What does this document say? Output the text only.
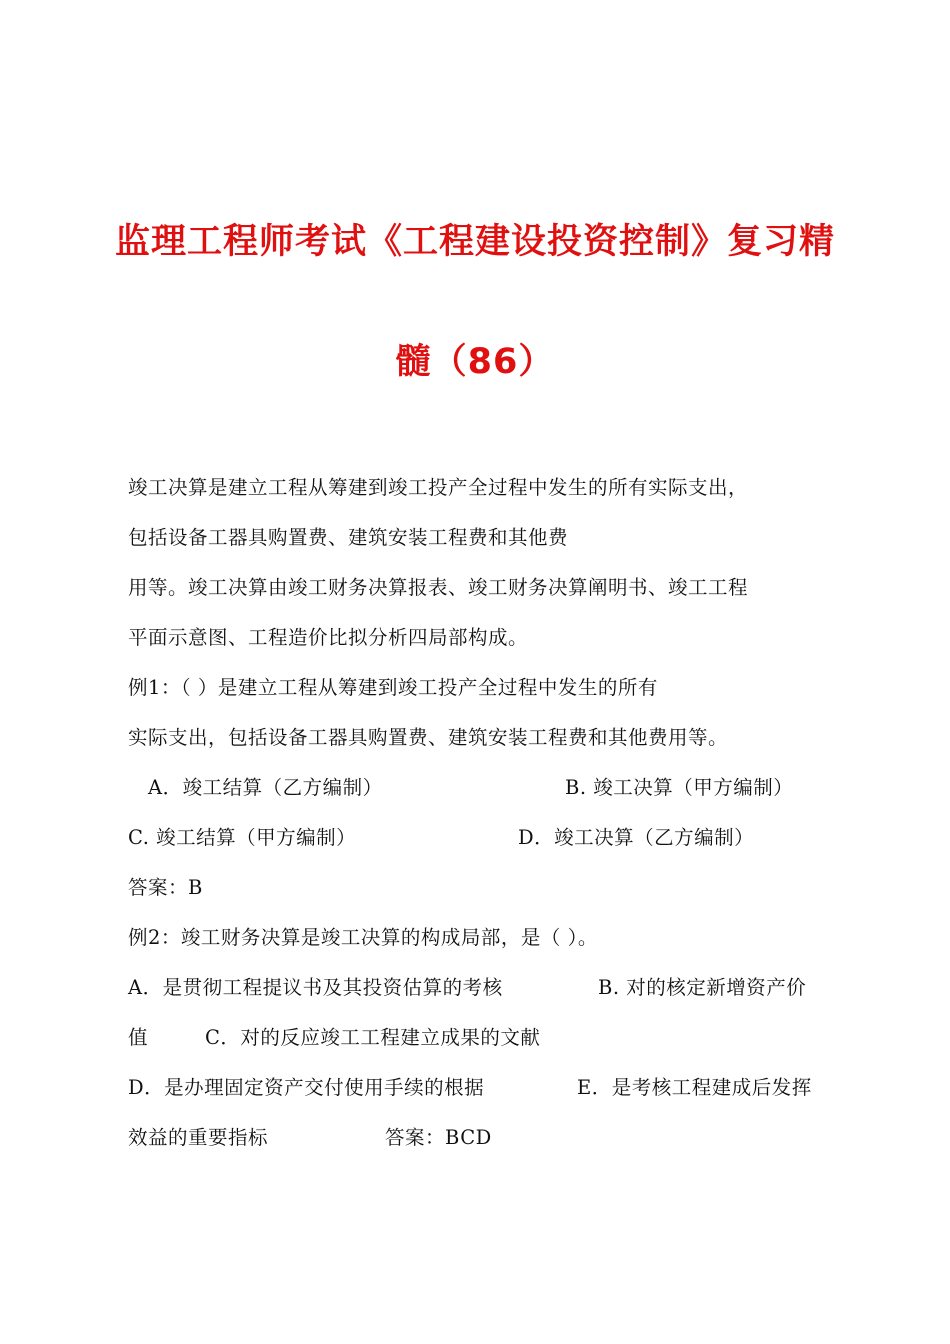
监理工程师考试《工程建设投资控制》复习精
髓（86）
竣工决算是建立工程从筹建到竣工投产全过程中发生的所有实际支出，
包括设备工器具购置费、建筑安装工程费和其他费
用等。竣工决算由竣工财务决算报表、竣工财务决算阐明书、竣工工程
平面示意图、工程造价比拟分析四局部构成。
例1：（ ）是建立工程从筹建到竣工投产全过程中发生的所有
实际支出，包括设备工器具购置费、建筑安装工程费和其他费用等。
A．竣工结算（乙方编制）	B. 竣工决算（甲方编制）
C. 竣工结算（甲方编制）	D．竣工决算（乙方编制）
答案：B
例2：竣工财务决算是竣工决算的构成局部，是（ ）。
A．是贯彻工程提议书及其投资估算的考核	B. 对的核定新增资产价
值	C．对的反应竣工工程建立成果的文献
D．是办理固定资产交付使用手续的根据	E．是考核工程建成后发挥
效益的重要指标	答案：BCD
